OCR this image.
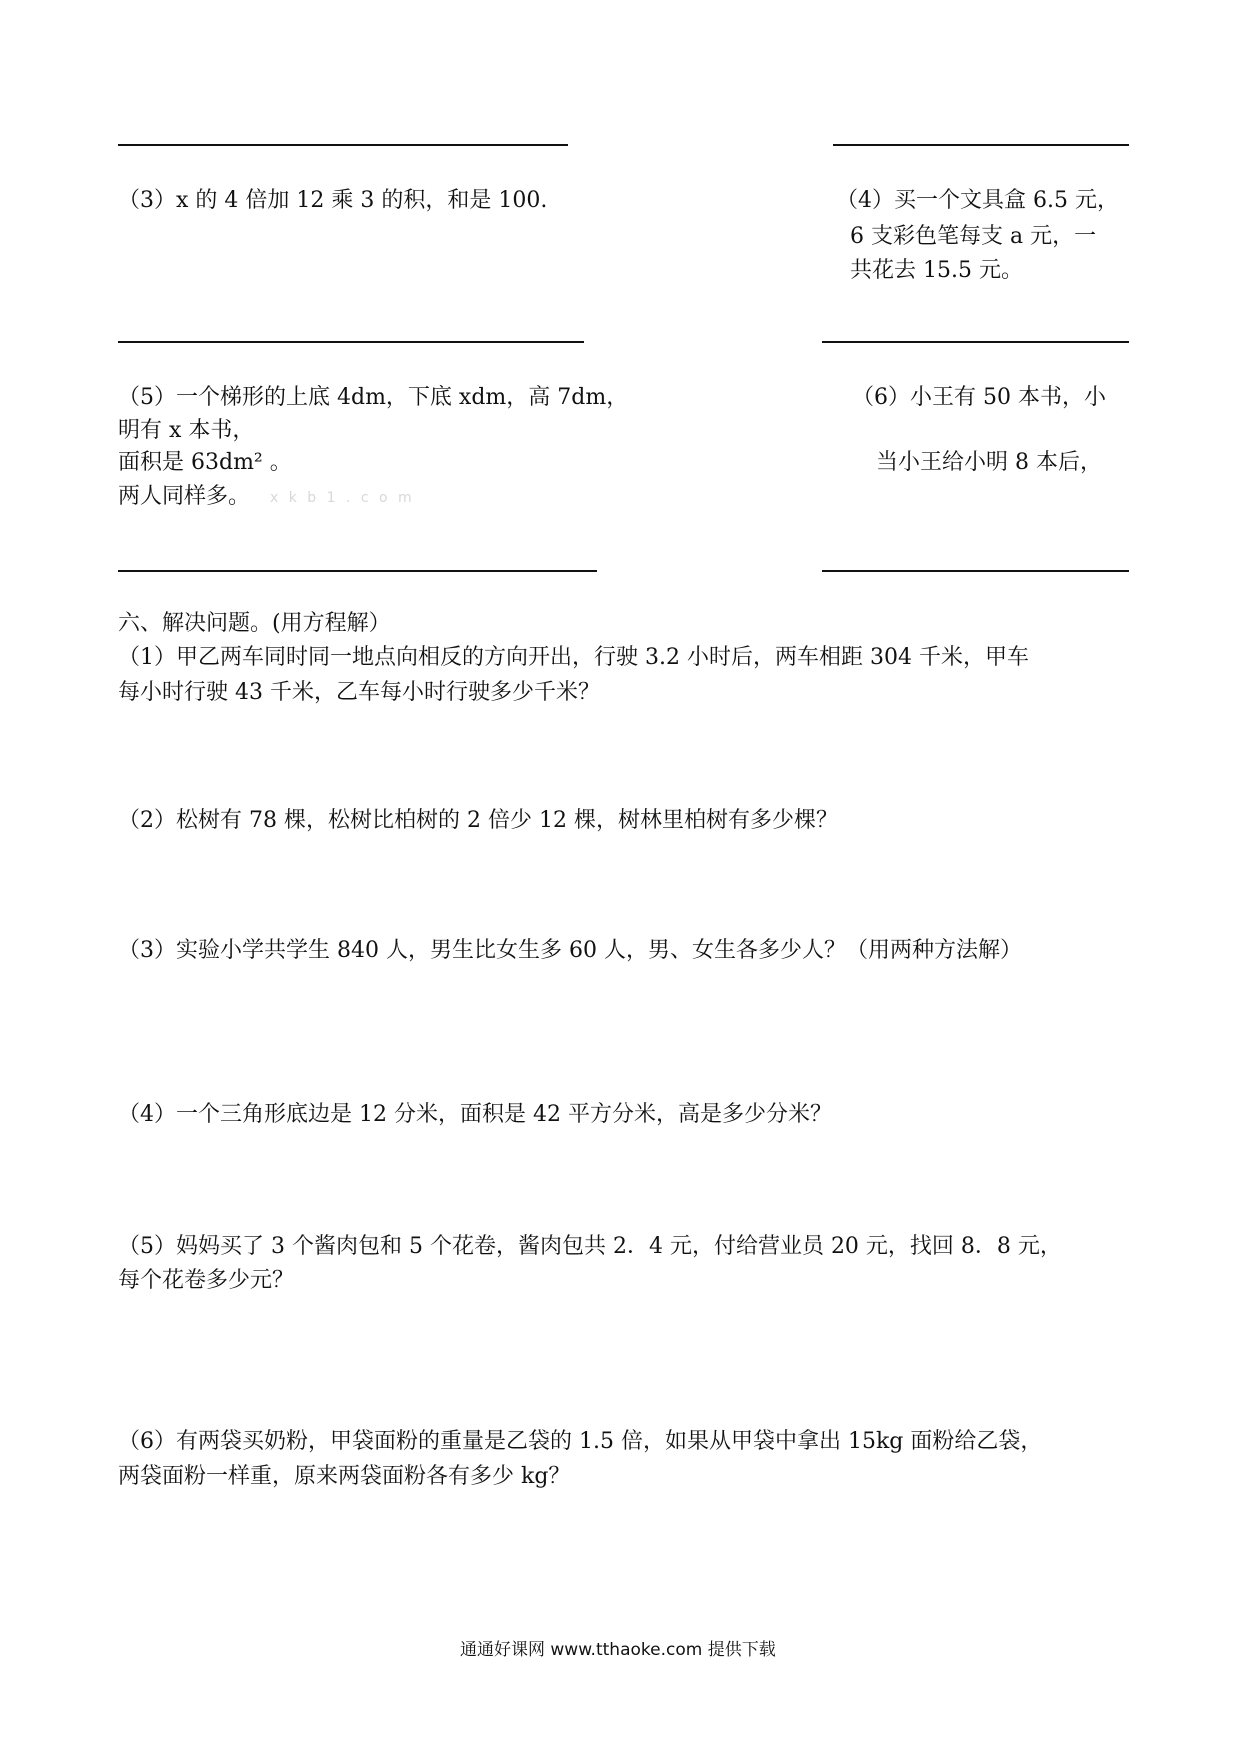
（3）x 的 4 倍加 12 乘 3 的积，和是 100.	（4）买一个文具盒 6.5 元，
6 支彩色笔每支 a 元，一
共花去 15.5 元。
（5）一个梯形的上底 4dm，下底 xdm，高 7dm，
明有 x 本书，
面积是 63dm² 。
两人同样多。 x k b 1 . c o m
（6）小王有 50 本书，小
当小王给小明 8 本后，
六、解决问题。(用方程解）
（1）甲乙两车同时同一地点向相反的方向开出，行驶 3.2 小时后，两车相距 304 千米，甲车
每小时行驶 43 千米，乙车每小时行驶多少千米？
（2）松树有 78 棵，松树比柏树的 2 倍少 12 棵，树林里柏树有多少棵？
（3）实验小学共学生 840 人，男生比女生多 60 人，男、女生各多少人？（用两种方法解）
（4）一个三角形底边是 12 分米，面积是 42 平方分米，高是多少分米？
（5）妈妈买了 3 个酱肉包和 5 个花卷，酱肉包共 2．4 元，付给营业员 20 元，找回 8．8 元，
每个花卷多少元？
（6）有两袋买奶粉，甲袋面粉的重量是乙袋的 1.5 倍，如果从甲袋中拿出 15kg 面粉给乙袋，
两袋面粉一样重，原来两袋面粉各有多少 kg？
通通好课网 www.tthaoke.com 提供下载
